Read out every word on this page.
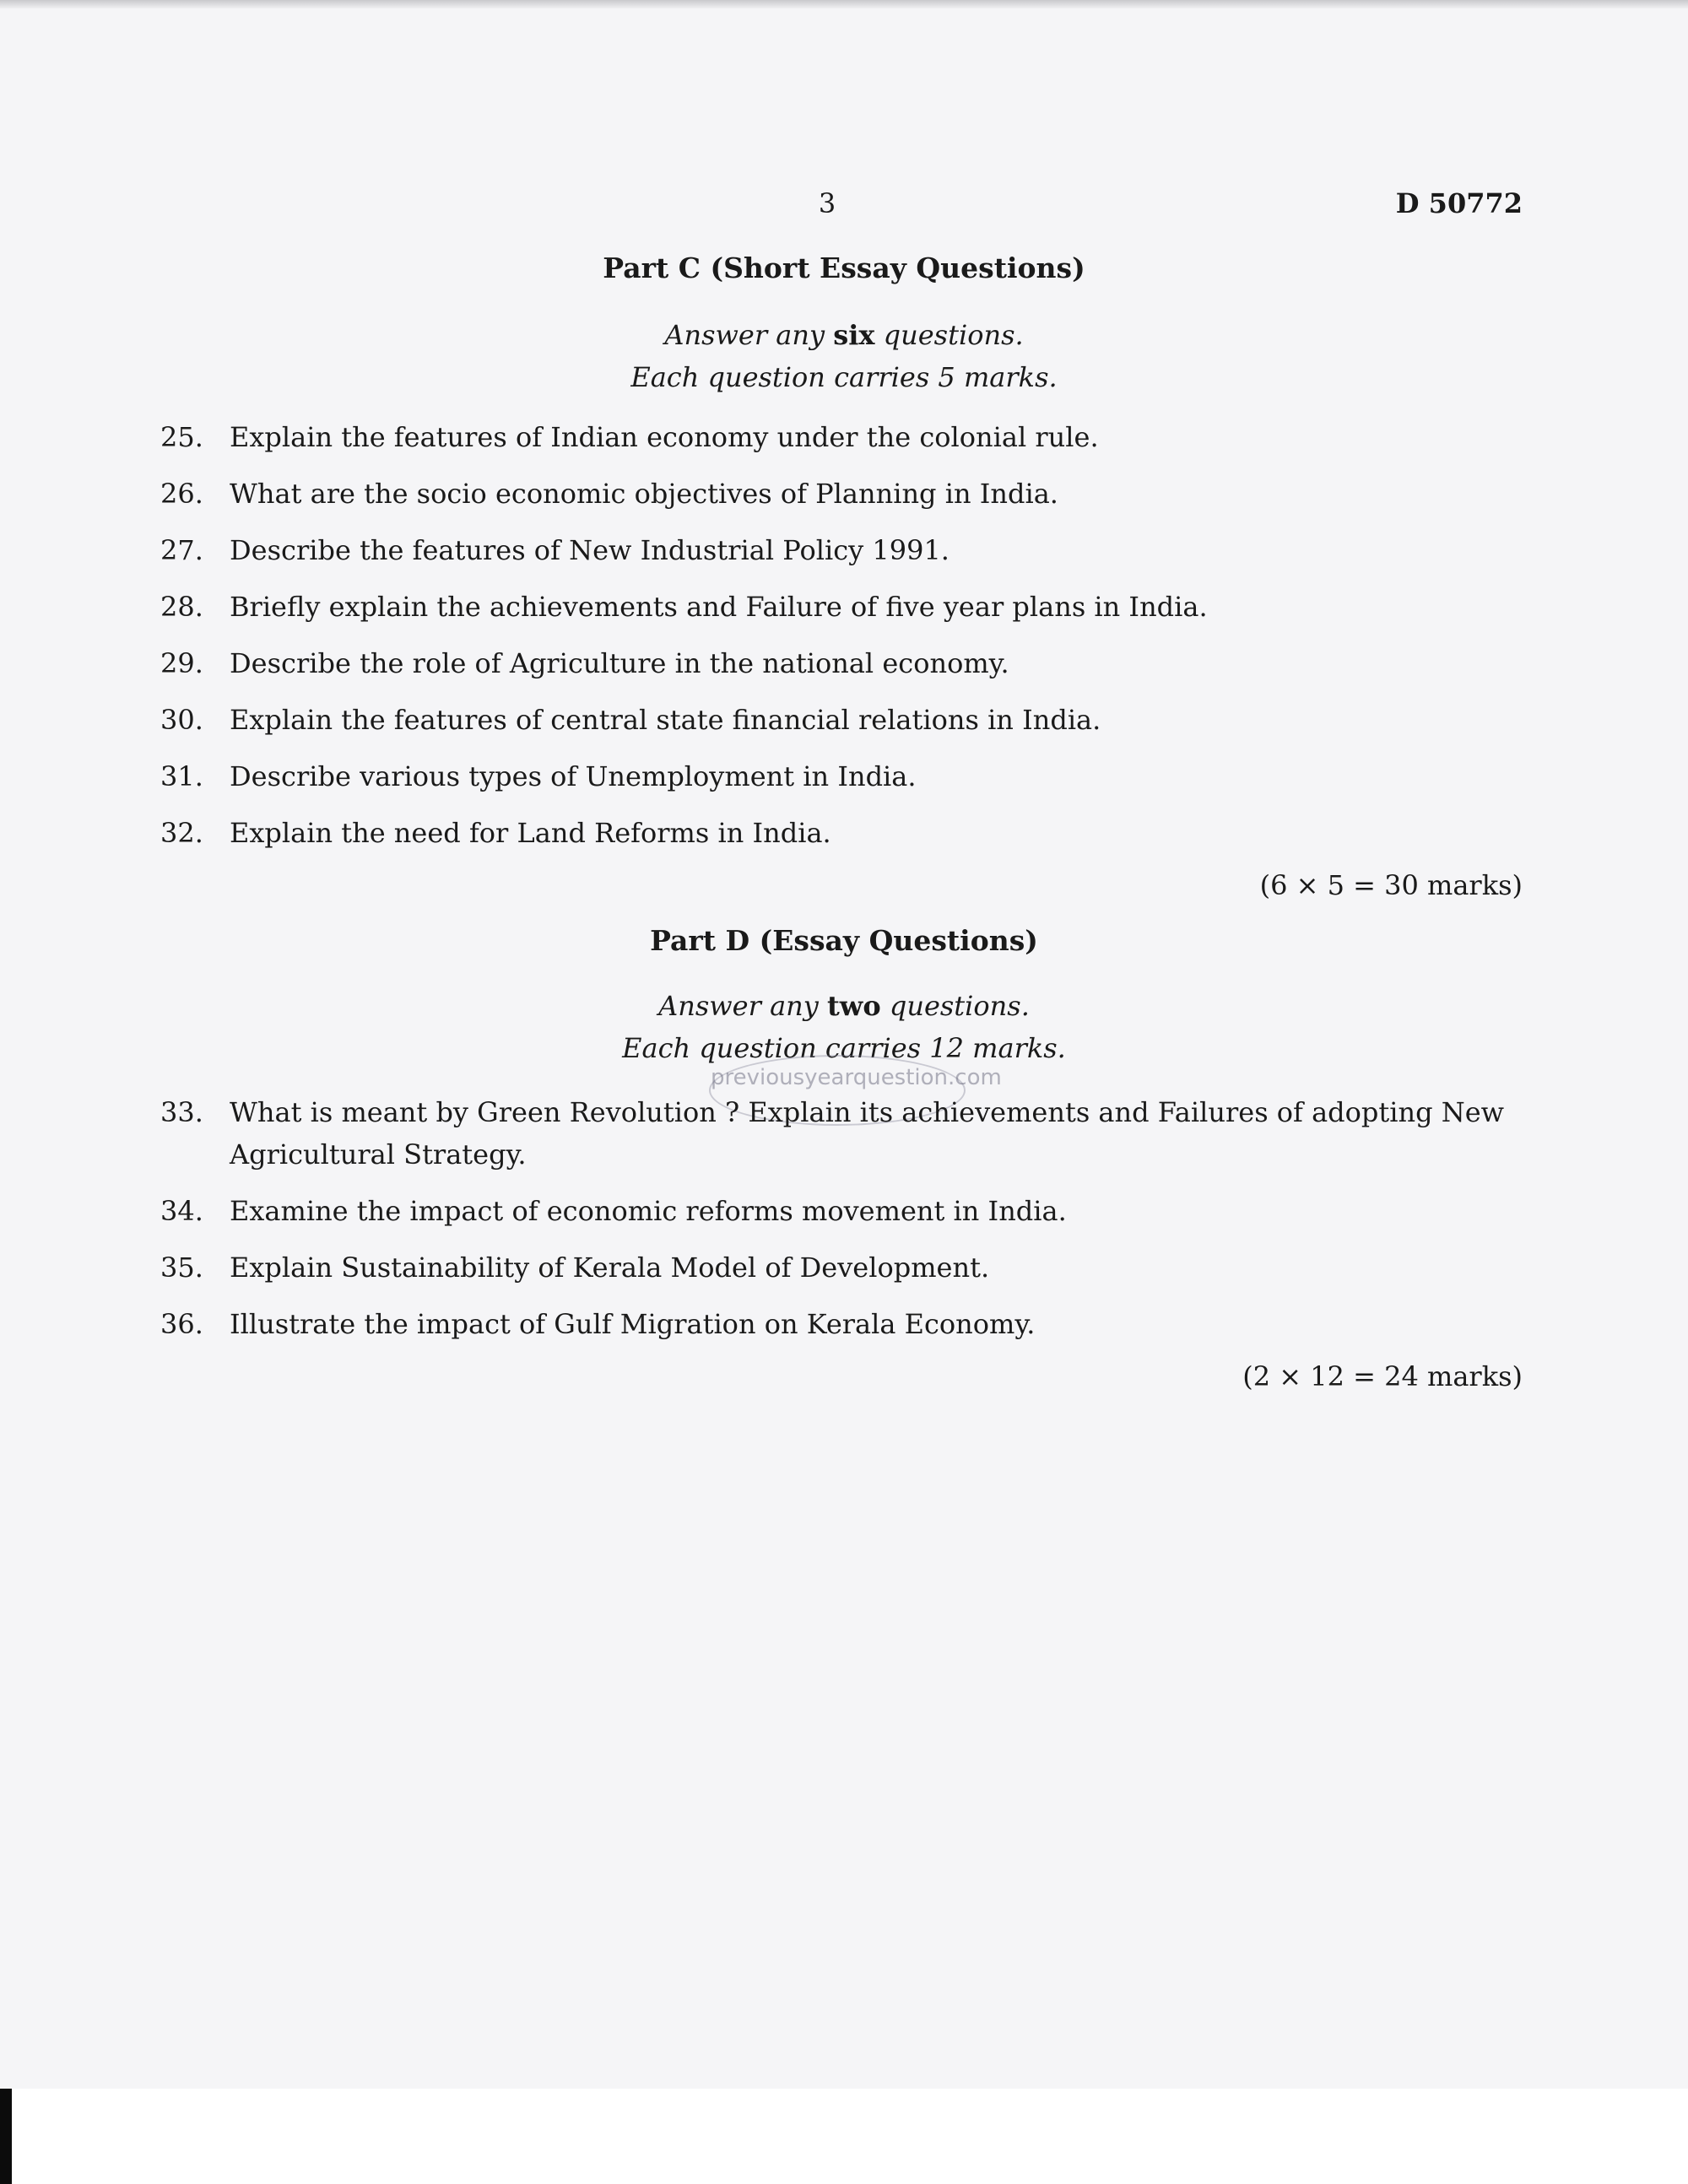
3	D 50772
Part C (Short Essay Questions)
Answer any six questions.
Each question carries 5 marks.
25. Explain the features of Indian economy under the colonial rule.
26. What are the socio economic objectives of Planning in India.
27. Describe the features of New Industrial Policy 1991.
28. Briefly explain the achievements and Failure of five year plans in India.
29. Describe the role of Agriculture in the national economy.
30. Explain the features of central state financial relations in India.
31. Describe various types of Unemployment in India.
32. Explain the need for Land Reforms in India.
(6 × 5 = 30 marks)
Part D (Essay Questions)
Answer any two questions.
Each question carries 12 marks.
previousyearquestion.com
33. What is meant by Green Revolution ? Explain its achievements and Failures of adopting New Agricultural Strategy.
34. Examine the impact of economic reforms movement in India.
35. Explain Sustainability of Kerala Model of Development.
36. Illustrate the impact of Gulf Migration on Kerala Economy.
(2 × 12 = 24 marks)
